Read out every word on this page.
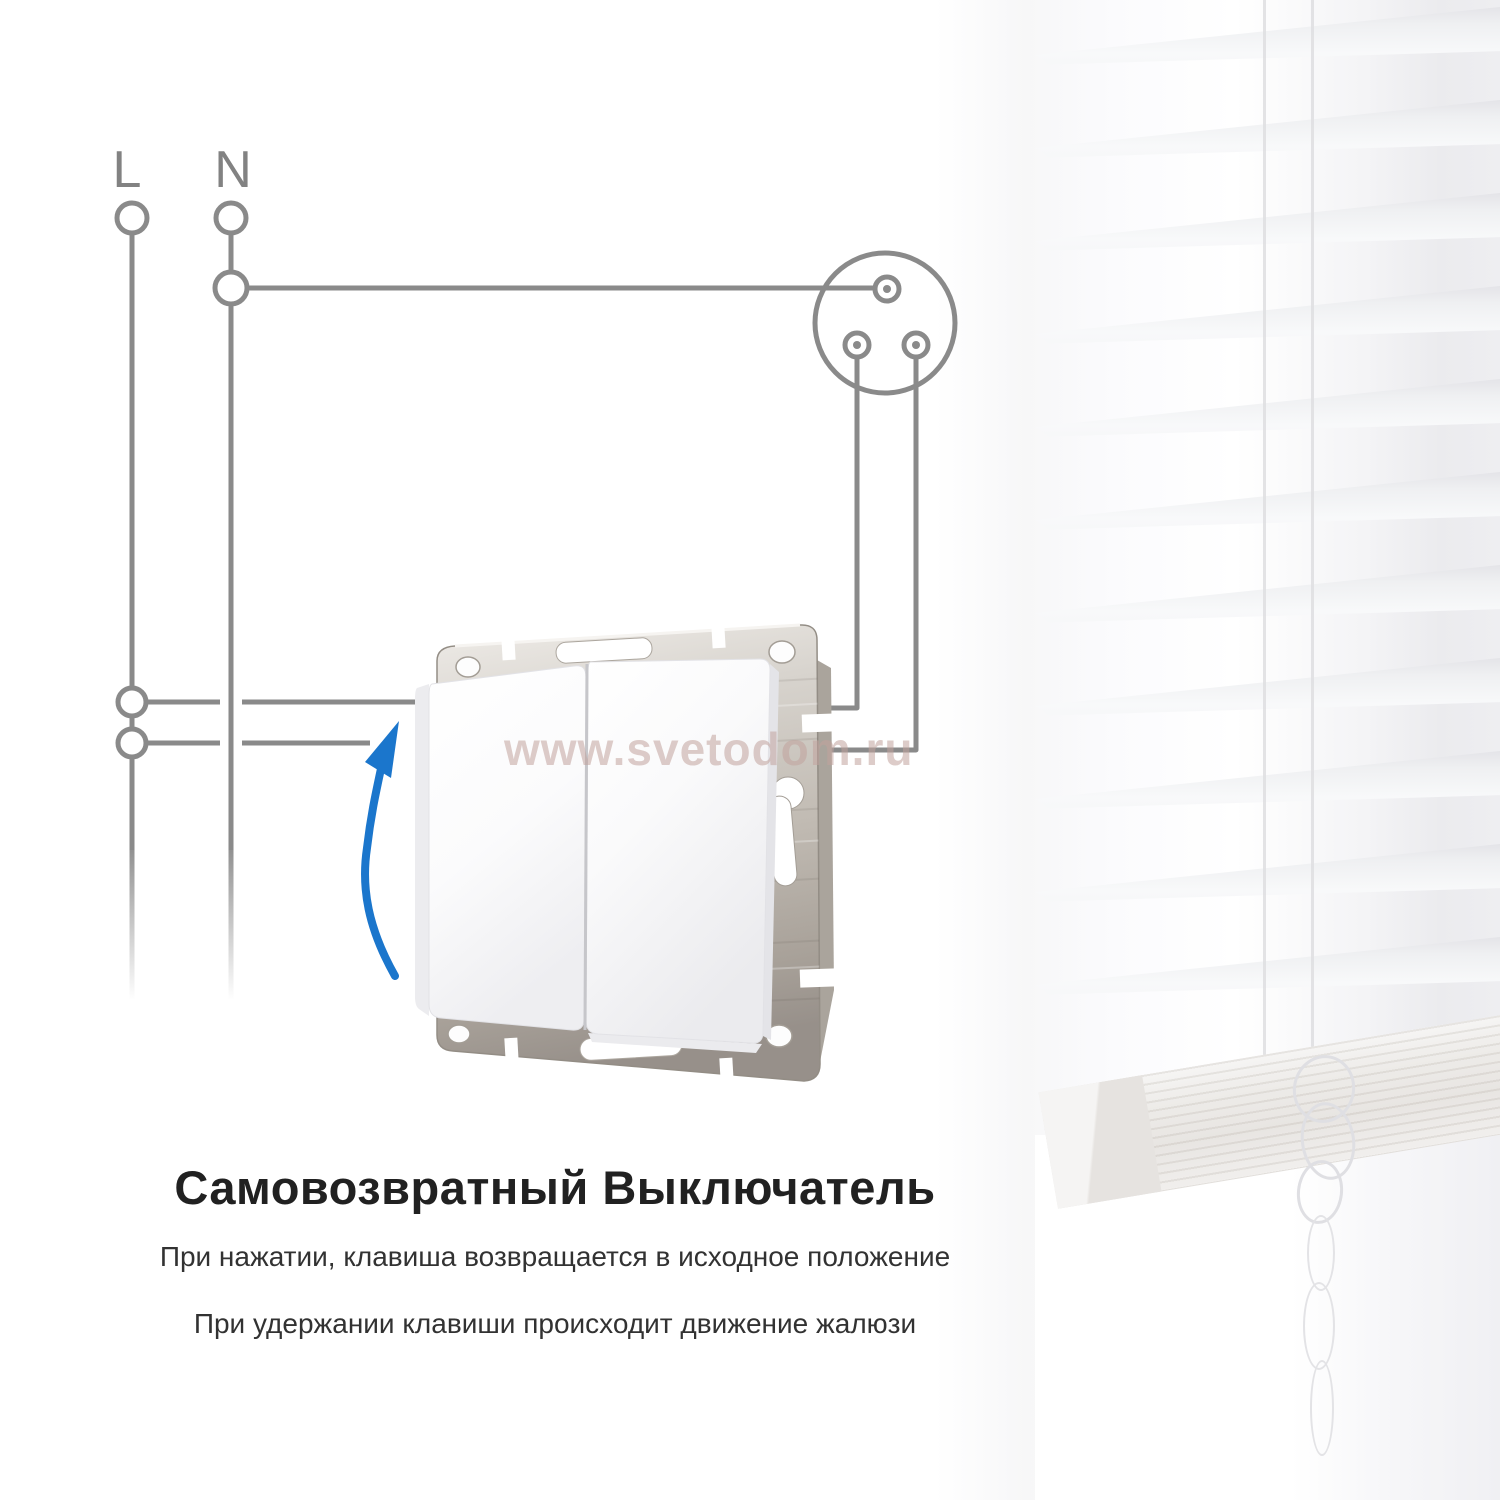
L N
www.svetodom.ru
Самовозвратный Выключатель
При нажатии, клавиша возвращается в исходное положение
При удержании клавиши происходит движение жалюзи
